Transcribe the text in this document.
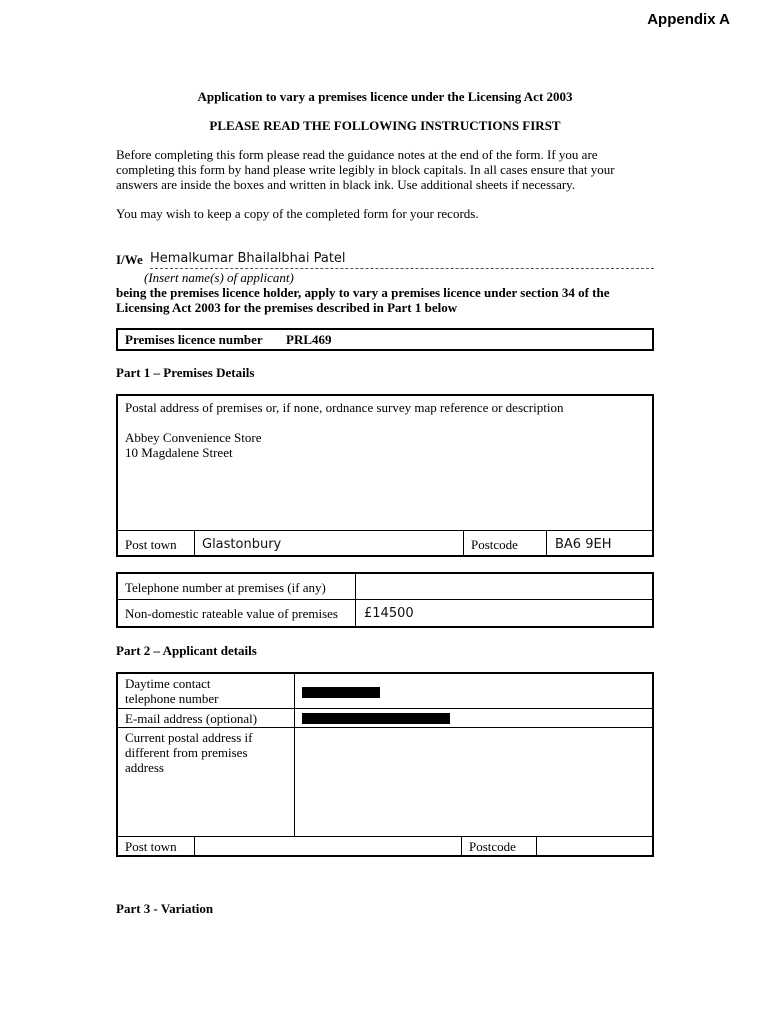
Appendix A
Application to vary a premises licence under the Licensing Act 2003
PLEASE READ THE FOLLOWING INSTRUCTIONS FIRST
Before completing this form please read the guidance notes at the end of the form. If you are completing this form by hand please write legibly in block capitals. In all cases ensure that your answers are inside the boxes and written in black ink. Use additional sheets if necessary.
You may wish to keep a copy of the completed form for your records.
I/We Hemalkumar Bhailalbhai Patel
(Insert name(s) of applicant)
being the premises licence holder, apply to vary a premises licence under section 34 of the Licensing Act 2003 for the premises described in Part 1 below
Premises licence number PRL469
Part 1 – Premises Details
Postal address of premises or, if none, ordnance survey map reference or description
Abbey Convenience Store
10 Magdalene Street
Post town Glastonbury	Postcode	BA6 9EH
Telephone number at premises (if any)
Non-domestic rateable value of premises £14500
Part 2 – Applicant details
Daytime contact
telephone number
E-mail address (optional)
Current postal address if
different from premises
address
Post town	Postcode
Part 3 - Variation
